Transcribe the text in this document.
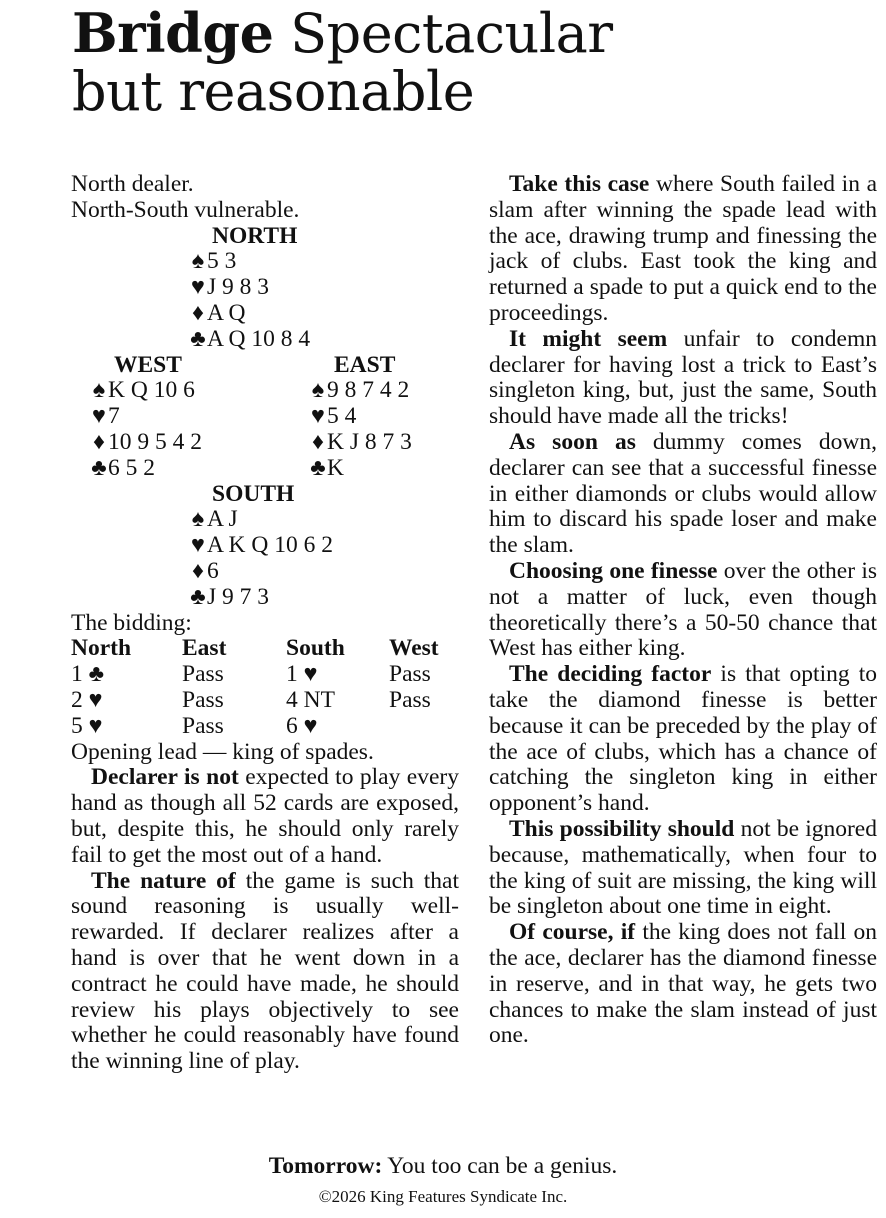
Bridge Spectacular
but reasonable
North dealer.
North-South vulnerable.
NORTH
♠ 5 3
♥J 9 8 3
♦ A Q
♣A Q 10 8 4
WEST	EAST
♠ K Q 10 6	♠ 9 8 7 4 2
♥7	♥5 4
♦ 10 9 5 4 2	♦ K J 8 7 3
♣6 5 2	♣K
SOUTH
♠ A J
♥A K Q 10 6 2
♦ 6
♣J 9 7 3
The bidding:
North East	South West
1 ♣	Pass	1 ♥	Pass
2 ♥	Pass	4 NT Pass
5 ♥	Pass	6 ♥
Opening lead — king of spades.

Declarer is not expected to play every hand as though all 52 cards are exposed, but, despite this, he should only rarely fail to get the most out of a hand.

The nature of the game is such that sound reasoning is usually well-rewarded. If declarer realizes after a hand is over that he went down in a contract he could have made, he should review his plays objectively to see whether he could reasonably have found the winning line of play.

Take this case where South failed in a slam after winning the spade lead with the ace, drawing trump and finessing the jack of clubs. East took the king and returned a spade to put a quick end to the proceedings.

It might seem unfair to condemn declarer for having lost a trick to East’s singleton king, but, just the same, South should have made all the tricks!

As soon as dummy comes down, declarer can see that a successful finesse in either diamonds or clubs would allow him to discard his spade loser and make the slam.

Choosing one finesse over the other is not a matter of luck, even though theoretically there’s a 50-50 chance that West has either king.

The deciding factor is that opting to take the diamond finesse is better because it can be preceded by the play of the ace of clubs, which has a chance of catching the singleton king in either opponent’s hand.

This possibility should not be ignored because, mathematically, when four to the king of suit are missing, the king will be singleton about one time in eight.

Of course, if the king does not fall on the ace, declarer has the diamond finesse in reserve, and in that way, he gets two chances to make the slam instead of just one.

Tomorrow: You too can be a genius.
©2026 King Features Syndicate Inc.
